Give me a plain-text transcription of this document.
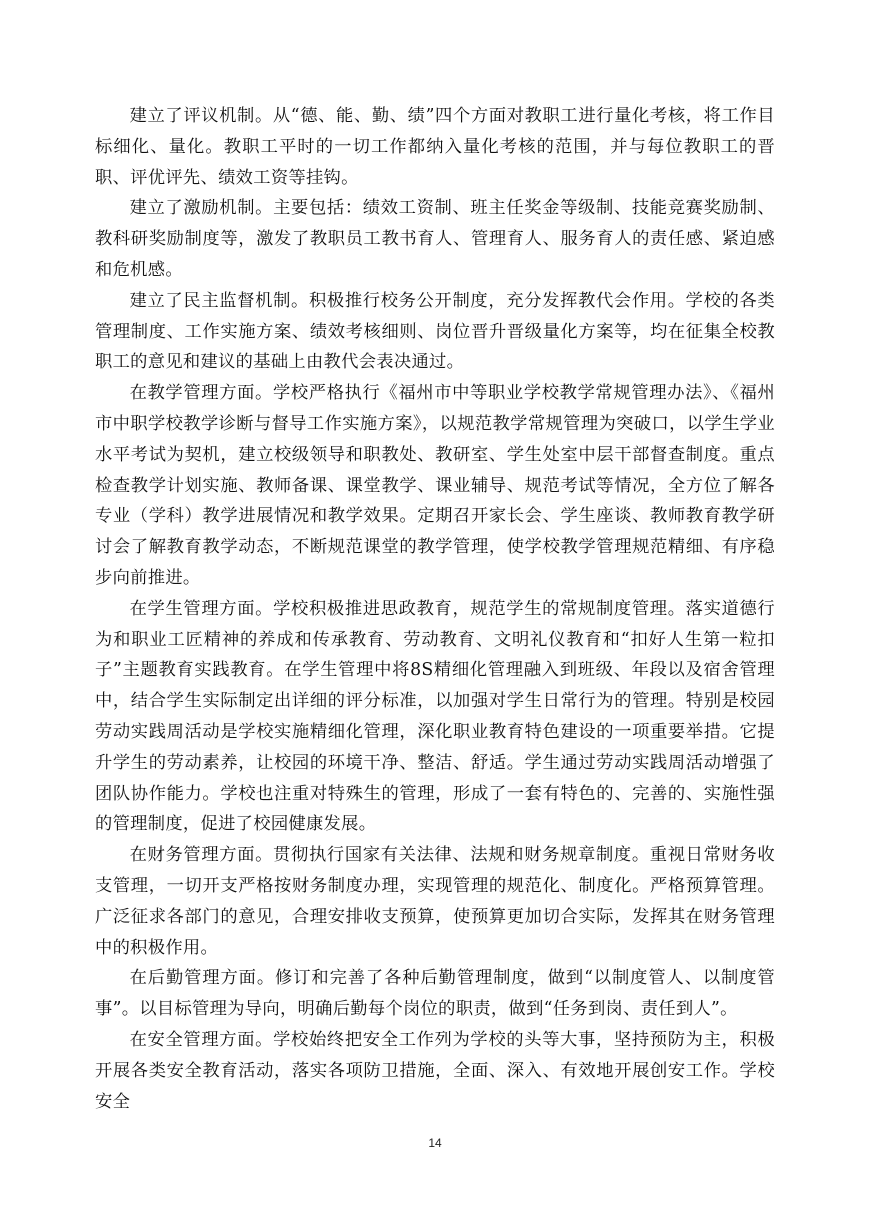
建立了评议机制。从“德、能、勤、绩”四个方面对教职工进行量化考核，将工作目标细化、量化。教职工平时的一切工作都纳入量化考核的范围，并与每位教职工的晋职、评优评先、绩效工资等挂钩。

建立了激励机制。主要包括：绩效工资制、班主任奖金等级制、技能竞赛奖励制、教科研奖励制度等，激发了教职员工教书育人、管理育人、服务育人的责任感、紧迫感和危机感。

建立了民主监督机制。积极推行校务公开制度，充分发挥教代会作用。学校的各类管理制度、工作实施方案、绩效考核细则、岗位晋升晋级量化方案等，均在征集全校教职工的意见和建议的基础上由教代会表决通过。

在教学管理方面。学校严格执行《福州市中等职业学校教学常规管理办法》、《福州市中职学校教学诊断与督导工作实施方案》，以规范教学常规管理为突破口，以学生学业水平考试为契机，建立校级领导和职教处、教研室、学生处室中层干部督查制度。重点检查教学计划实施、教师备课、课堂教学、课业辅导、规范考试等情况，全方位了解各专业（学科）教学进展情况和教学效果。定期召开家长会、学生座谈、教师教育教学研讨会了解教育教学动态，不断规范课堂的教学管理，使学校教学管理规范精细、有序稳步向前推进。

在学生管理方面。学校积极推进思政教育，规范学生的常规制度管理。落实道德行为和职业工匠精神的养成和传承教育、劳动教育、文明礼仪教育和“扣好人生第一粒扣子”主题教育实践教育。在学生管理中将8S精细化管理融入到班级、年段以及宿舍管理中，结合学生实际制定出详细的评分标准，以加强对学生日常行为的管理。特别是校园劳动实践周活动是学校实施精细化管理，深化职业教育特色建设的一项重要举措。它提升学生的劳动素养，让校园的环境干净、整洁、舒适。学生通过劳动实践周活动增强了团队协作能力。学校也注重对特殊生的管理，形成了一套有特色的、完善的、实施性强的管理制度，促进了校园健康发展。

在财务管理方面。贯彻执行国家有关法律、法规和财务规章制度。重视日常财务收支管理，一切开支严格按财务制度办理，实现管理的规范化、制度化。严格预算管理。广泛征求各部门的意见，合理安排收支预算，使预算更加切合实际，发挥其在财务管理中的积极作用。

在后勤管理方面。修订和完善了各种后勤管理制度，做到“以制度管人、以制度管事”。以目标管理为导向，明确后勤每个岗位的职责，做到“任务到岗、责任到人”。

在安全管理方面。学校始终把安全工作列为学校的头等大事，坚持预防为主，积极开展各类安全教育活动，落实各项防卫措施，全面、深入、有效地开展创安工作。学校安全

14
